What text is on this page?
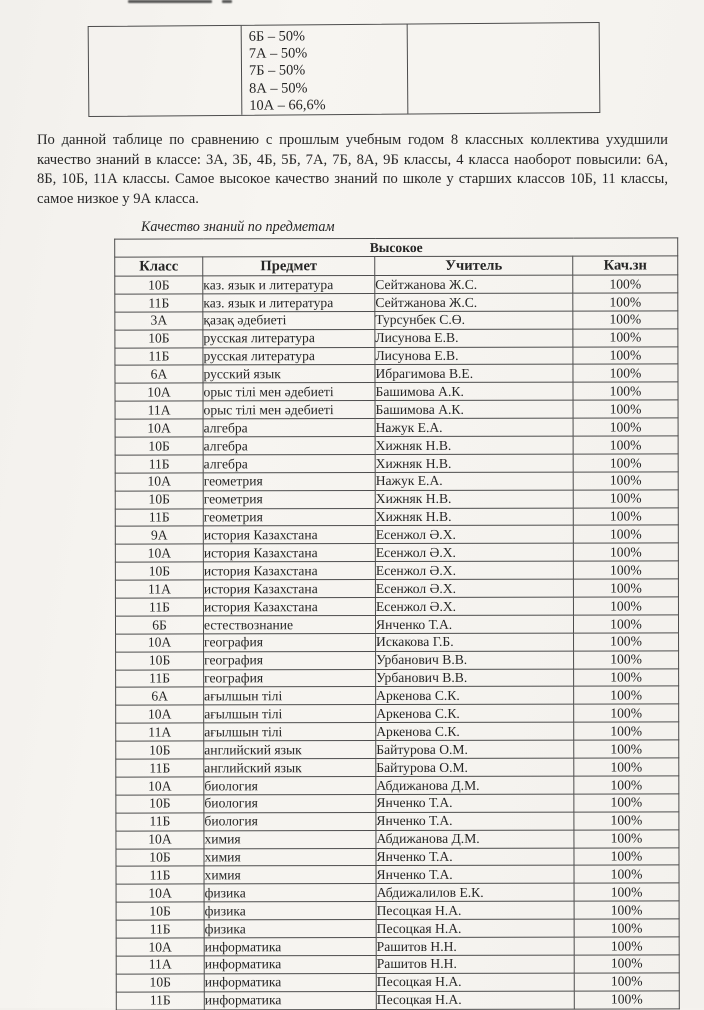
6Б – 50%
7А – 50%
7Б – 50%
8А – 50%
10А – 66,6%
По данной таблице по сравнению с прошлым учебным годом 8 классных коллектива ухудшили
качество знаний в классе: 3А, 3Б, 4Б, 5Б, 7А, 7Б, 8А, 9Б классы, 4 класса наоборот повысили: 6А,
8Б, 10Б, 11А классы. Самое высокое качество знаний по школе у старших классов 10Б, 11 классы,
самое низкое у 9А класса.
Качество знаний по предметам
Высокое			
Класс	Предмет	Учитель	Кач.зн
10Б	каз. язык и литература	Сейтжанова Ж.С.	100%
11Б	каз. язык и литература	Сейтжанова Ж.С.	100%
3А	қазақ әдебиеті	Турсунбек С.Ө.	100%
10Б	русская литература	Лисунова Е.В.	100%
11Б	русская литература	Лисунова Е.В.	100%
6А	русский язык	Ибрагимова В.Е.	100%
10А	орыс тілі мен әдебиеті	Башимова А.К.	100%
11А	орыс тілі мен әдебиеті	Башимова А.К.	100%
10А	алгебра	Нажук Е.А.	100%
10Б	алгебра	Хижняк Н.В.	100%
11Б	алгебра	Хижняк Н.В.	100%
10А	геометрия	Нажук Е.А.	100%
10Б	геометрия	Хижняк Н.В.	100%
11Б	геометрия	Хижняк Н.В.	100%
9А	история Казахстана	Есенжол Ә.Х.	100%
10А	история Казахстана	Есенжол Ә.Х.	100%
10Б	история Казахстана	Есенжол Ә.Х.	100%
11А	история Казахстана	Есенжол Ә.Х.	100%
11Б	история Казахстана	Есенжол Ә.Х.	100%
6Б	естествознание	Янченко Т.А.	100%
10А	география	Искакова Г.Б.	100%
10Б	география	Урбанович В.В.	100%
11Б	география	Урбанович В.В.	100%
6А	ағылшын тілі	Аркенова С.К.	100%
10А	ағылшын тілі	Аркенова С.К.	100%
11А	ағылшын тілі	Аркенова С.К.	100%
10Б	английский язык	Байтурова О.М.	100%
11Б	английский язык	Байтурова О.М.	100%
10А	биология	Абдижанова Д.М.	100%
10Б	биология	Янченко Т.А.	100%
11Б	биология	Янченко Т.А.	100%
10А	химия	Абдижанова Д.М.	100%
10Б	химия	Янченко Т.А.	100%
11Б	химия	Янченко Т.А.	100%
10А	физика	Абдижалилов Е.К.	100%
10Б	физика	Песоцкая Н.А.	100%
11Б	физика	Песоцкая Н.А.	100%
10А	информатика	Рашитов Н.Н.	100%
11А	информатика	Рашитов Н.Н.	100%
10Б	информатика	Песоцкая Н.А.	100%
11Б	информатика	Песоцкая Н.А.	100%
